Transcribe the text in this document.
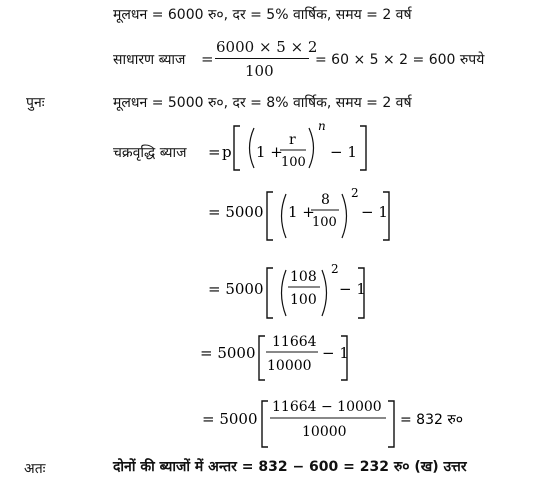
मूलधन = 6000 रु०, दर = 5% वार्षिक, समय = 2 वर्ष
साधारण ब्याज =
6000 × 5 × 2
100
= 60 × 5 × 2 = 600 रुपये
पुनः	मूलधन = 5000 रु०, दर = 8% वार्षिक, समय = 2 वर्ष
चक्रवृद्धि ब्याज = p 1 +
r
100
n
− 1
= 5000 1 +
8
100
2
− 1
= 5000
108
100
2
− 1
= 5000
11664
10000
− 1
= 5000
11664 − 10000
10000
= 832 रु०
अतः	दोनों की ब्याजों में अन्तर = 832 − 600 = 232 रु० (ख) उत्तर
